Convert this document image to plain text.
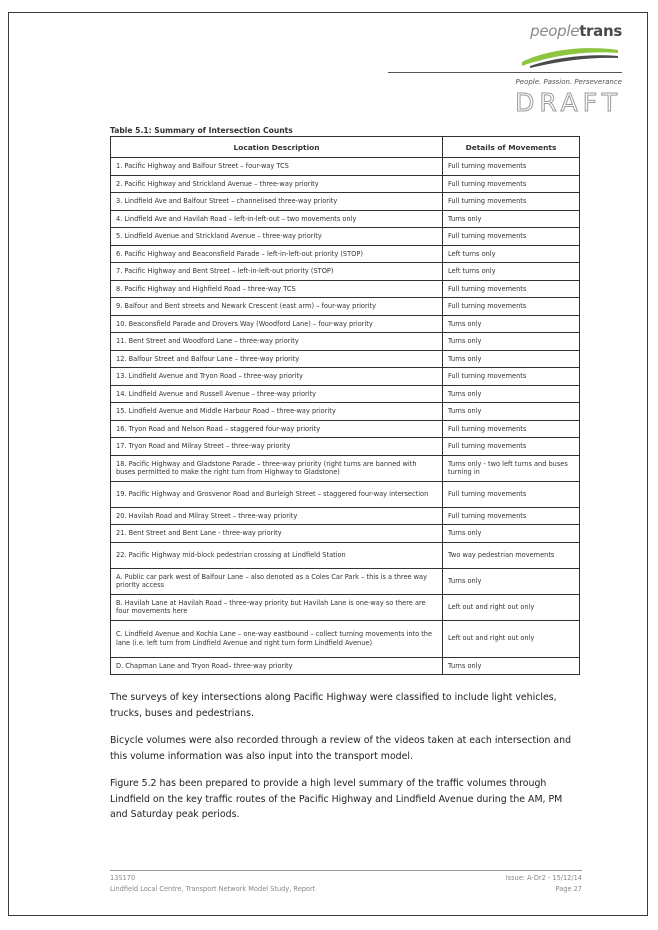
peopletrans
People. Passion. Perseverance
DRAFT
Table 5.1: Summary of Intersection Counts
Location Description	Details of Movements
1. Pacific Highway and Balfour Street – four-way TCS	Full turning movements
2. Pacific Highway and Strickland Avenue – three-way priority	Full turning movements
3. Lindfield Ave and Balfour Street – channelised three-way priority	Full turning movements
4. Lindfield Ave and Havilah Road – left-in-left-out – two movements only	Turns only
5. Lindfield Avenue and Strickland Avenue – three-way priority	Full turning movements
6. Pacific Highway and Beaconsfield Parade – left-in-left-out priority (STOP)	Left turns only
7. Pacific Highway and Bent Street – left-in-left-out priority (STOP)	Left turns only
8. Pacific Highway and Highfield Road – three-way TCS	Full turning movements
9. Balfour and Bent streets and Newark Crescent (east arm) – four-way priority	Full turning movements
10. Beaconsfield Parade and Drovers Way (Woodford Lane) – four-way priority	Turns only
11. Bent Street and Woodford Lane – three-way priority	Turns only
12. Balfour Street and Balfour Lane – three-way priority	Turns only
13. Lindfield Avenue and Tryon Road – three-way priority	Full turning movements
14. Lindfield Avenue and Russell Avenue – three-way priority	Turns only
15. Lindfield Avenue and Middle Harbour Road – three-way priority	Turns only
16. Tryon Road and Nelson Road – staggered four-way priority	Full turning movements
17. Tryon Road and Milray Street – three-way priority	Full turning movements
18. Pacific Highway and Gladstone Parade – three-way priority (right turns are banned with buses permitted to make the right turn from Highway to Gladstone)	Turns only - two left turns and buses turning in
19. Pacific Highway and Grosvenor Road and Burleigh Street – staggered four-way intersection	Full turning movements
20. Havilah Road and Milray Street – three-way priority	Full turning movements
21. Bent Street and Bent Lane - three-way priority	Turns only
22. Pacific Highway mid-block pedestrian crossing at Lindfield Station	Two way pedestrian movements
A. Public car park west of Balfour Lane – also denoted as a Coles Car Park – this is a three way priority access	Turns only
B. Havilah Lane at Havilah Road – three-way priority but Havilah Lane is one-way so there are four movements here	Left out and right out only
C. Lindfield Avenue and Kochia Lane – one-way eastbound – collect turning movements into the lane (i.e. left turn from Lindfield Avenue and right turn form Lindfield Avenue)	Left out and right out only
D. Chapman Lane and Tryon Road– three-way priority	Turns only

The surveys of key intersections along Pacific Highway were classified to include light vehicles, trucks, buses and pedestrians.

Bicycle volumes were also recorded through a review of the videos taken at each intersection and this volume information was also input into the transport model.

Figure 5.2 has been prepared to provide a high level summary of the traffic volumes through Lindfield on the key traffic routes of the Pacific Highway and Lindfield Avenue during the AM, PM and Saturday peak periods.

13S170	Issue: A-Dr2 - 15/12/14
Lindfield Local Centre, Transport Network Model Study, Report	Page 27
